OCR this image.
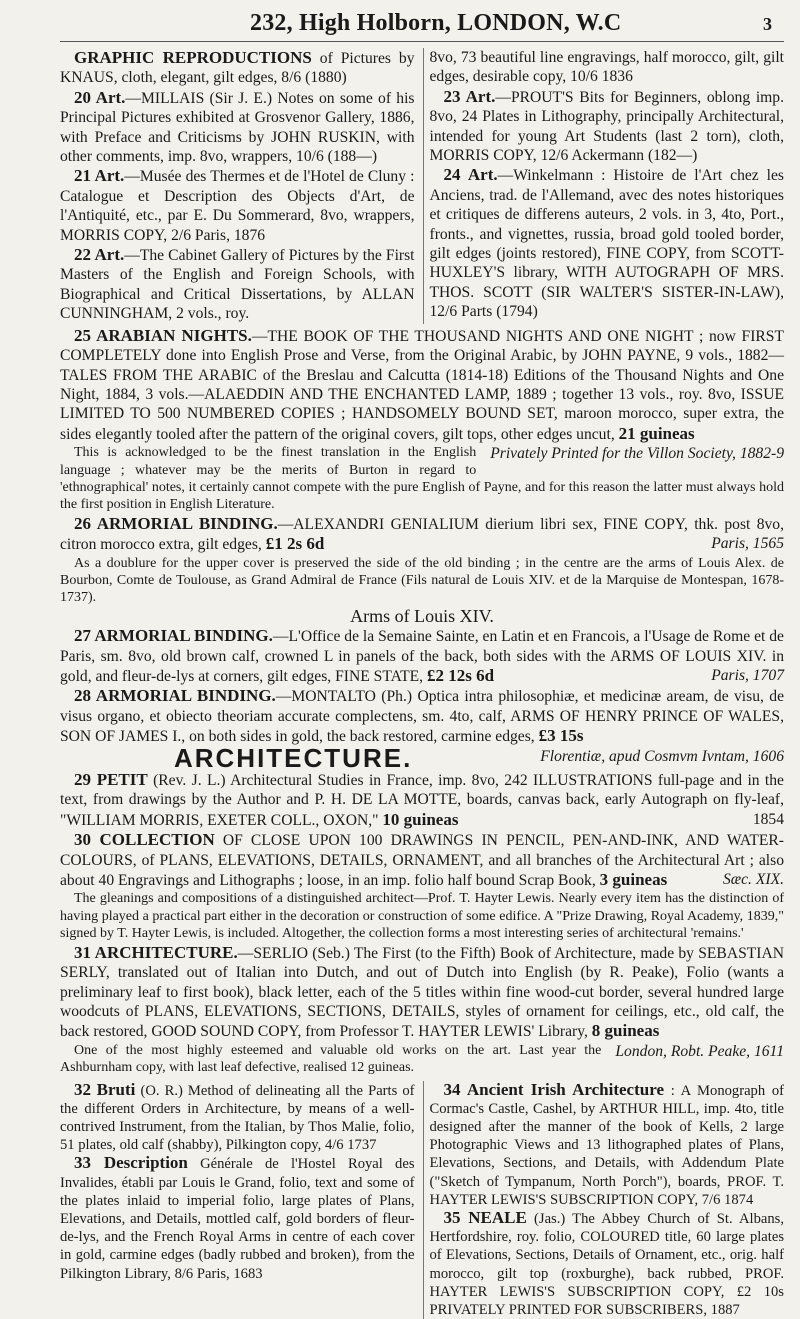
232, High Holborn, LONDON, W.C	3

GRAPHIC REPRODUCTIONS of Pictures by KNAUS, cloth, elegant, gilt edges, 8/6 (1880)

20 Art.—MILLAIS (Sir J. E.) Notes on some of his Principal Pictures exhibited at Grosvenor Gallery, 1886, with Preface and Criticisms by JOHN RUSKIN, with other comments, imp. 8vo, wrappers, 10/6 (188—)

21 Art.—Musée des Thermes et de l'Hotel de Cluny : Catalogue et Description des Objects d'Art, de l'Antiquité, etc., par E. Du Sommerard, 8vo, wrappers, MORRIS COPY, 2/6 Paris, 1876

22 Art.—The Cabinet Gallery of Pictures by the First Masters of the English and Foreign Schools, with Biographical and Critical Dissertations, by ALLAN CUNNINGHAM, 2 vols., roy.

8vo, 73 beautiful line engravings, half morocco, gilt, gilt edges, desirable copy, 10/6 1836

23 Art.—PROUT'S Bits for Beginners, oblong imp. 8vo, 24 Plates in Lithography, principally Architectural, intended for young Art Students (last 2 torn), cloth, MORRIS COPY, 12/6 Ackermann (182—)

24 Art.—Winkelmann : Histoire de l'Art chez les Anciens, trad. de l'Allemand, avec des notes historiques et critiques de differens auteurs, 2 vols. in 3, 4to, Port., fronts., and vignettes, russia, broad gold tooled border, gilt edges (joints restored), FINE COPY, from SCOTT-HUXLEY'S library, WITH AUTOGRAPH OF MRS. THOS. SCOTT (SIR WALTER'S SISTER-IN-LAW), 12/6 Parts (1794)

25 ARABIAN NIGHTS.—THE BOOK OF THE THOUSAND NIGHTS AND ONE NIGHT ; now FIRST COMPLETELY done into English Prose and Verse, from the Original Arabic, by JOHN PAYNE, 9 vols., 1882—TALES FROM THE ARABIC of the Breslau and Calcutta (1814-18) Editions of the Thousand Nights and One Night, 1884, 3 vols.—ALAEDDIN AND THE ENCHANTED LAMP, 1889 ; together 13 vols., roy. 8vo, ISSUE LIMITED TO 500 NUMBERED COPIES ; HANDSOMELY BOUND SET, maroon morocco, super extra, the sides elegantly tooled after the pattern of the original covers, gilt tops, other edges uncut, 21 guineas
Privately Printed for the Villon Society, 1882-9

This is acknowledged to be the finest translation in the English language ; whatever may be the merits of Burton in regard to 'ethnographical' notes, it certainly cannot compete with the pure English of Payne, and for this reason the latter must always hold the first position in English Literature.

26 ARMORIAL BINDING.—ALEXANDRI GENIALIUM dierium libri sex, FINE COPY, thk. post 8vo, citron morocco extra, gilt edges, £1 2s 6d	Paris, 1565

As a doublure for the upper cover is preserved the side of the old binding ; in the centre are the arms of Louis Alex. de Bourbon, Comte de Toulouse, as Grand Admiral de France (Fils natural de Louis XIV. et de la Marquise de Montespan, 1678-1737).

Arms of Louis XIV.

27 ARMORIAL BINDING.—L'Office de la Semaine Sainte, en Latin et en Francois, a l'Usage de Rome et de Paris, sm. 8vo, old brown calf, crowned L in panels of the back, both sides with the ARMS OF LOUIS XIV. in gold, and fleur-de-lys at corners, gilt edges, FINE STATE, £2 12s 6d	Paris, 1707

28 ARMORIAL BINDING.—MONTALTO (Ph.) Optica intra philosophiæ, et medicinæ aream, de visu, de visus organo, et obiecto theoriam accurate complectens, sm. 4to, calf, ARMS OF HENRY PRINCE OF WALES, SON OF JAMES I., on both sides in gold, the back restored, carmine edges, £3 15s
Florentiæ, apud Cosmvm Ivntam, 1606

ARCHITECTURE.

29 PETIT (Rev. J. L.) Architectural Studies in France, imp. 8vo, 242 ILLUSTRATIONS full-page and in the text, from drawings by the Author and P. H. DE LA MOTTE, boards, canvas back, early Autograph on fly-leaf, "WILLIAM MORRIS, EXETER COLL., OXON," 10 guineas	1854

30 COLLECTION OF CLOSE UPON 100 DRAWINGS IN PENCIL, PEN-AND-INK, AND WATER-COLOURS, of PLANS, ELEVATIONS, DETAILS, ORNAMENT, and all branches of the Architectural Art ; also about 40 Engravings and Lithographs ; loose, in an imp. folio half bound Scrap Book, 3 guineas	Sæc. XIX.

The gleanings and compositions of a distinguished architect—Prof. T. Hayter Lewis. Nearly every item has the distinction of having played a practical part either in the decoration or construction of some edifice. A "Prize Drawing, Royal Academy, 1839," signed by T. Hayter Lewis, is included. Altogether, the collection forms a most interesting series of architectural 'remains.'

31 ARCHITECTURE.—SERLIO (Seb.) The First (to the Fifth) Book of Architecture, made by SEBASTIAN SERLY, translated out of Italian into Dutch, and out of Dutch into English (by R. Peake), Folio (wants a preliminary leaf to first book), black letter, each of the 5 titles within fine wood-cut border, several hundred large woodcuts of PLANS, ELEVATIONS, SECTIONS, DETAILS, styles of ornament for ceilings, etc., old calf, the back restored, GOOD SOUND COPY, from Professor T. HAYTER LEWIS' Library, 8 guineas
London, Robt. Peake, 1611

One of the most highly esteemed and valuable old works on the art. Last year the Ashburnham copy, with last leaf defective, realised 12 guineas.

32 Bruti (O. R.) Method of delineating all the Parts of the different Orders in Architecture, by means of a well-contrived Instrument, from the Italian, by Thos Malie, folio, 51 plates, old calf (shabby), Pilkington copy, 4/6 1737

33 Description Générale de l'Hostel Royal des Invalides, établi par Louis le Grand, folio, text and some of the plates inlaid to imperial folio, large plates of Plans, Elevations, and Details, mottled calf, gold borders of fleur-de-lys, and the French Royal Arms in centre of each cover in gold, carmine edges (badly rubbed and broken), from the Pilkington Library, 8/6 Paris, 1683

34 Ancient Irish Architecture : A Monograph of Cormac's Castle, Cashel, by ARTHUR HILL, imp. 4to, title designed after the manner of the book of Kells, 2 large Photographic Views and 13 lithographed plates of Plans, Elevations, Sections, and Details, with Addendum Plate ("Sketch of Tympanum, North Porch"), boards, PROF. T. HAYTER LEWIS'S SUBSCRIPTION COPY, 7/6 1874

35 NEALE (Jas.) The Abbey Church of St. Albans, Hertfordshire, roy. folio, COLOURED title, 60 large plates of Elevations, Sections, Details of Ornament, etc., orig. half morocco, gilt top (roxburghe), back rubbed, PROF. HAYTER LEWIS'S SUBSCRIPTION COPY, £2 10s PRIVATELY PRINTED FOR SUBSCRIBERS, 1887
